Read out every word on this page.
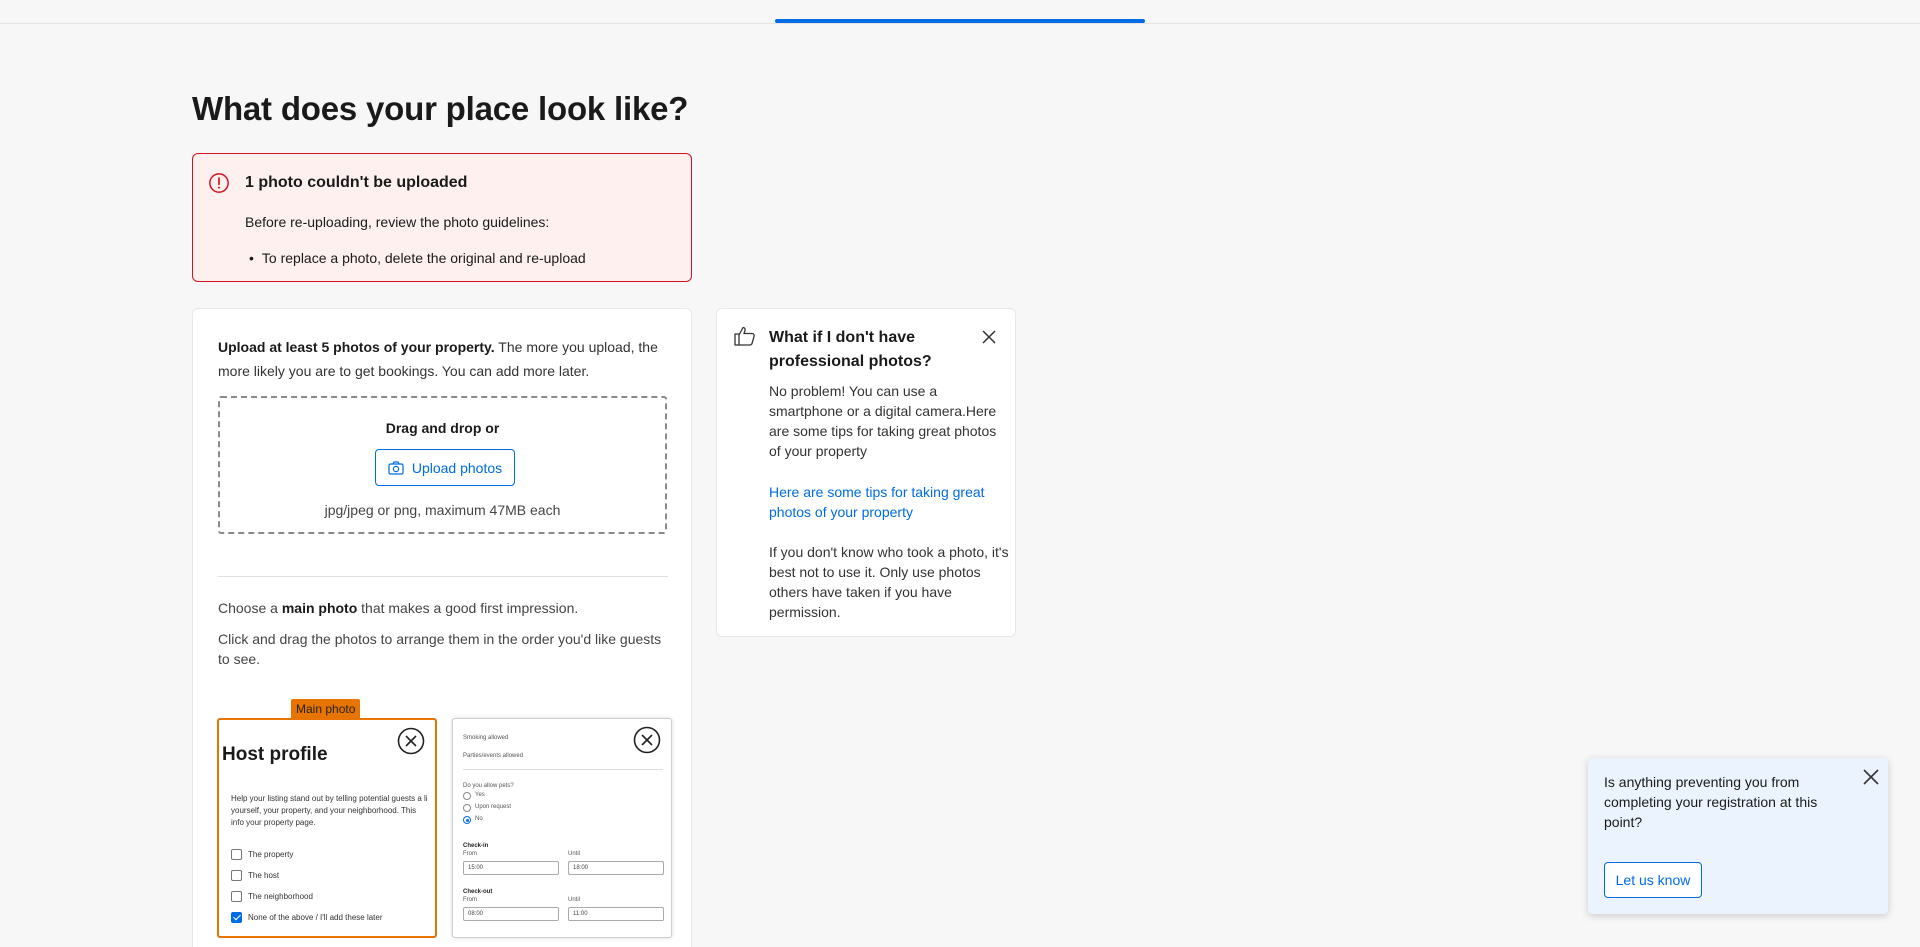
What does your place look like?
1 photo couldn't be uploaded
Before re-uploading, review the photo guidelines:
• To replace a photo, delete the original and re-upload
Upload at least 5 photos of your property. The more you upload, the more likely you are to get bookings. You can add more later.
Drag and drop or
Upload photos
jpg/jpeg or png, maximum 47MB each
Choose a main photo that makes a good first impression.
Click and drag the photos to arrange them in the order you'd like guests to see.
Main photo
Host profile
Help your listing stand out by telling potential guests a li yourself, your property, and your neighborhood. This info your property page.
The property
The host
The neighborhood
None of the above / I'll add these later
Smoking allowed
Parties/events allowed
Do you allow pets?
Yes
Upon request
No
Check-in
From	Until
15:00	18:00
Check-out
From	Until
08:00	11:00
What if I don't have professional photos?
No problem! You can use a smartphone or a digital camera.Here are some tips for taking great photos of your property
Here are some tips for taking great photos of your property
If you don't know who took a photo, it's best not to use it. Only use photos others have taken if you have permission.
Is anything preventing you from completing your registration at this point?
Let us know
